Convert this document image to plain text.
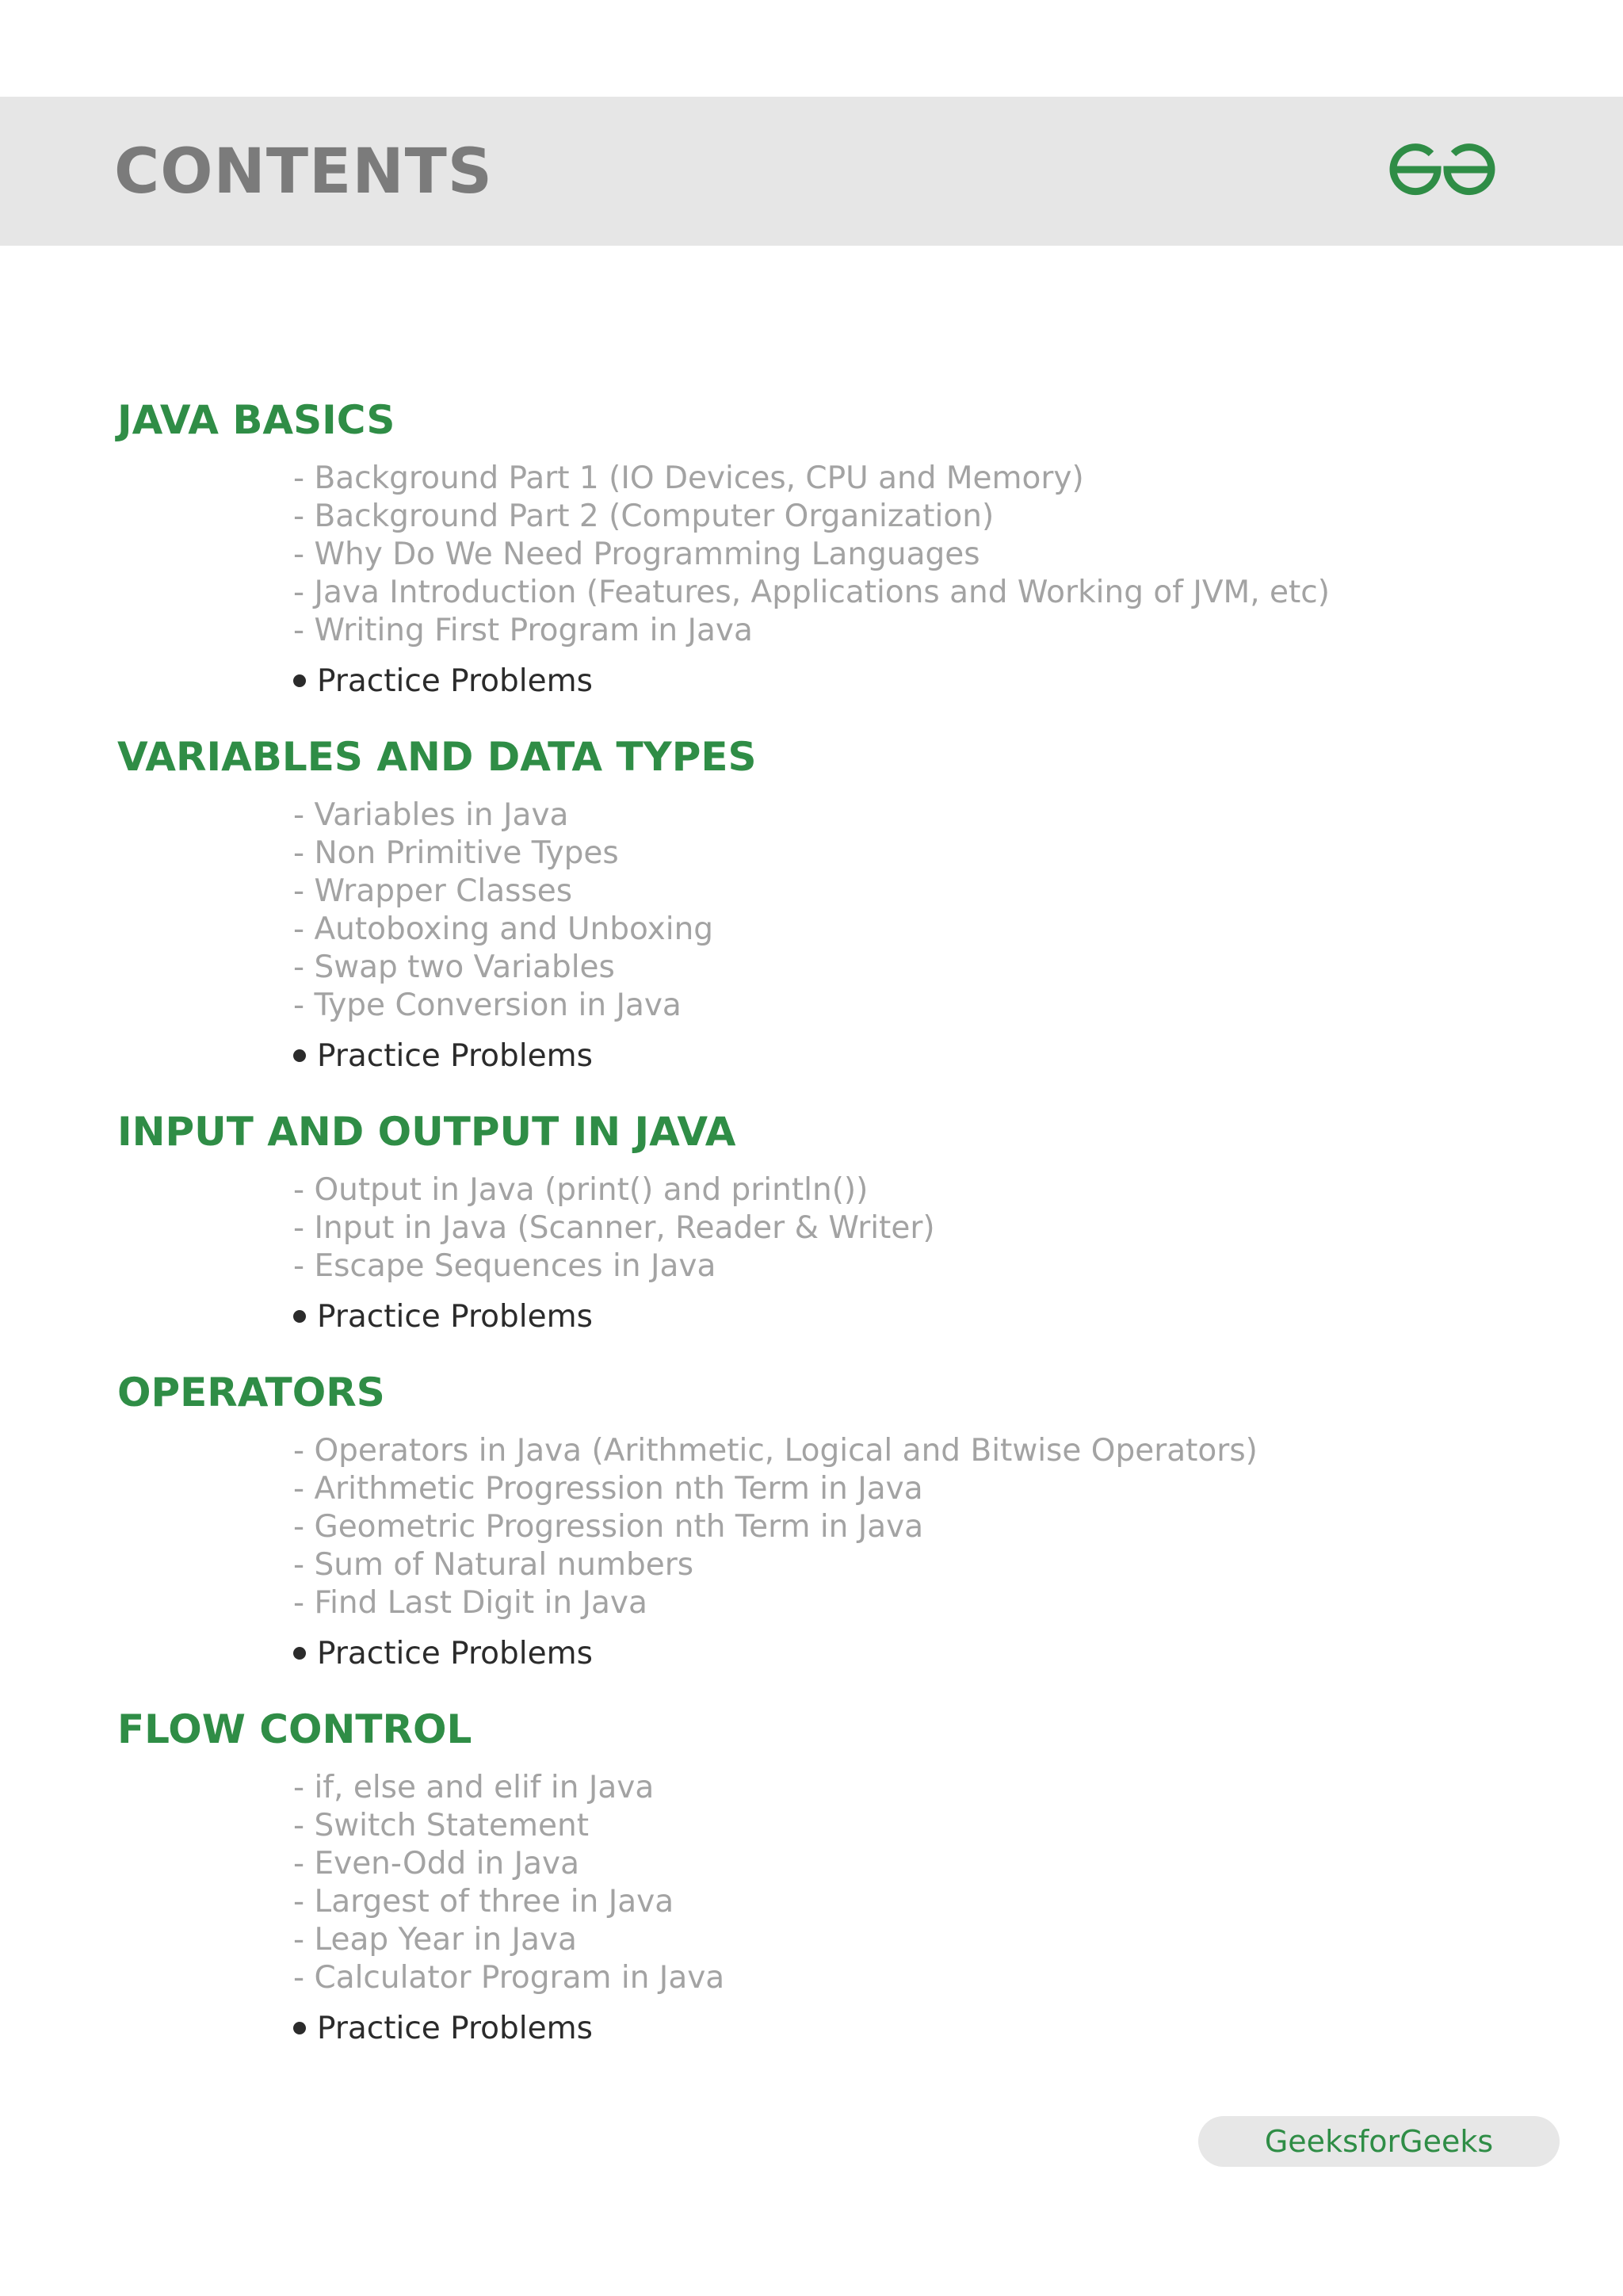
CONTENTS
JAVA BASICS
- Background Part 1 (IO Devices, CPU and Memory)
- Background Part 2 (Computer Organization)
- Why Do We Need Programming Languages
- Java Introduction (Features, Applications and Working of JVM, etc)
- Writing First Program in Java
Practice Problems
VARIABLES AND DATA TYPES
- Variables in Java
- Non Primitive Types
- Wrapper Classes
- Autoboxing and Unboxing
- Swap two Variables
- Type Conversion in Java
Practice Problems
INPUT AND OUTPUT IN JAVA
- Output in Java (print() and println())
- Input in Java (Scanner, Reader & Writer)
- Escape Sequences in Java
Practice Problems
OPERATORS
- Operators in Java (Arithmetic, Logical and Bitwise Operators)
- Arithmetic Progression nth Term in Java
- Geometric Progression nth Term in Java
- Sum of Natural numbers
- Find Last Digit in Java
Practice Problems
FLOW CONTROL
- if, else and elif in Java
- Switch Statement
- Even-Odd in Java
- Largest of three in Java
- Leap Year in Java
- Calculator Program in Java
Practice Problems
GeeksforGeeks
